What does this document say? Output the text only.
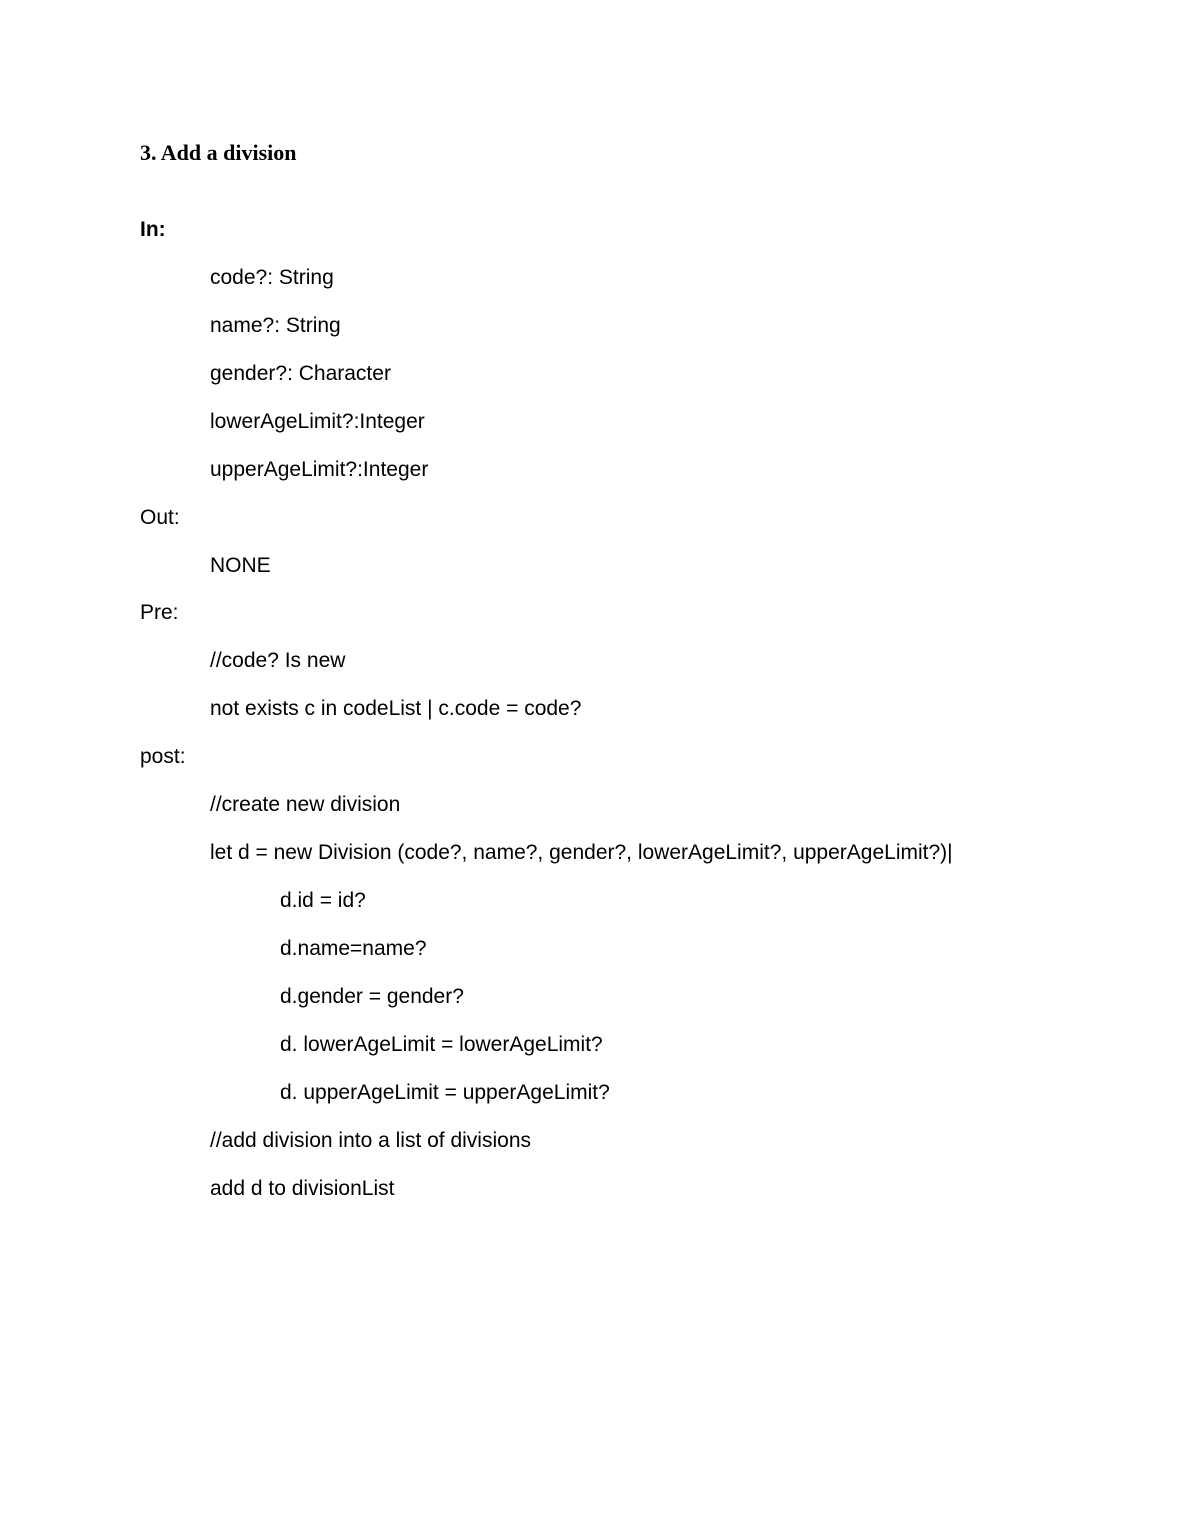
3. Add a division
In:
code?: String
name?: String
gender?: Character
lowerAgeLimit?:Integer
upperAgeLimit?:Integer
Out:
NONE
Pre:
//code? Is new
not exists c in codeList | c.code = code?
post:
//create new division
let d = new Division (code?, name?, gender?, lowerAgeLimit?, upperAgeLimit?)|
d.id = id?
d.name=name?
d.gender = gender?
d. lowerAgeLimit = lowerAgeLimit?
d. upperAgeLimit = upperAgeLimit?
//add division into a list of divisions
add d to divisionList
